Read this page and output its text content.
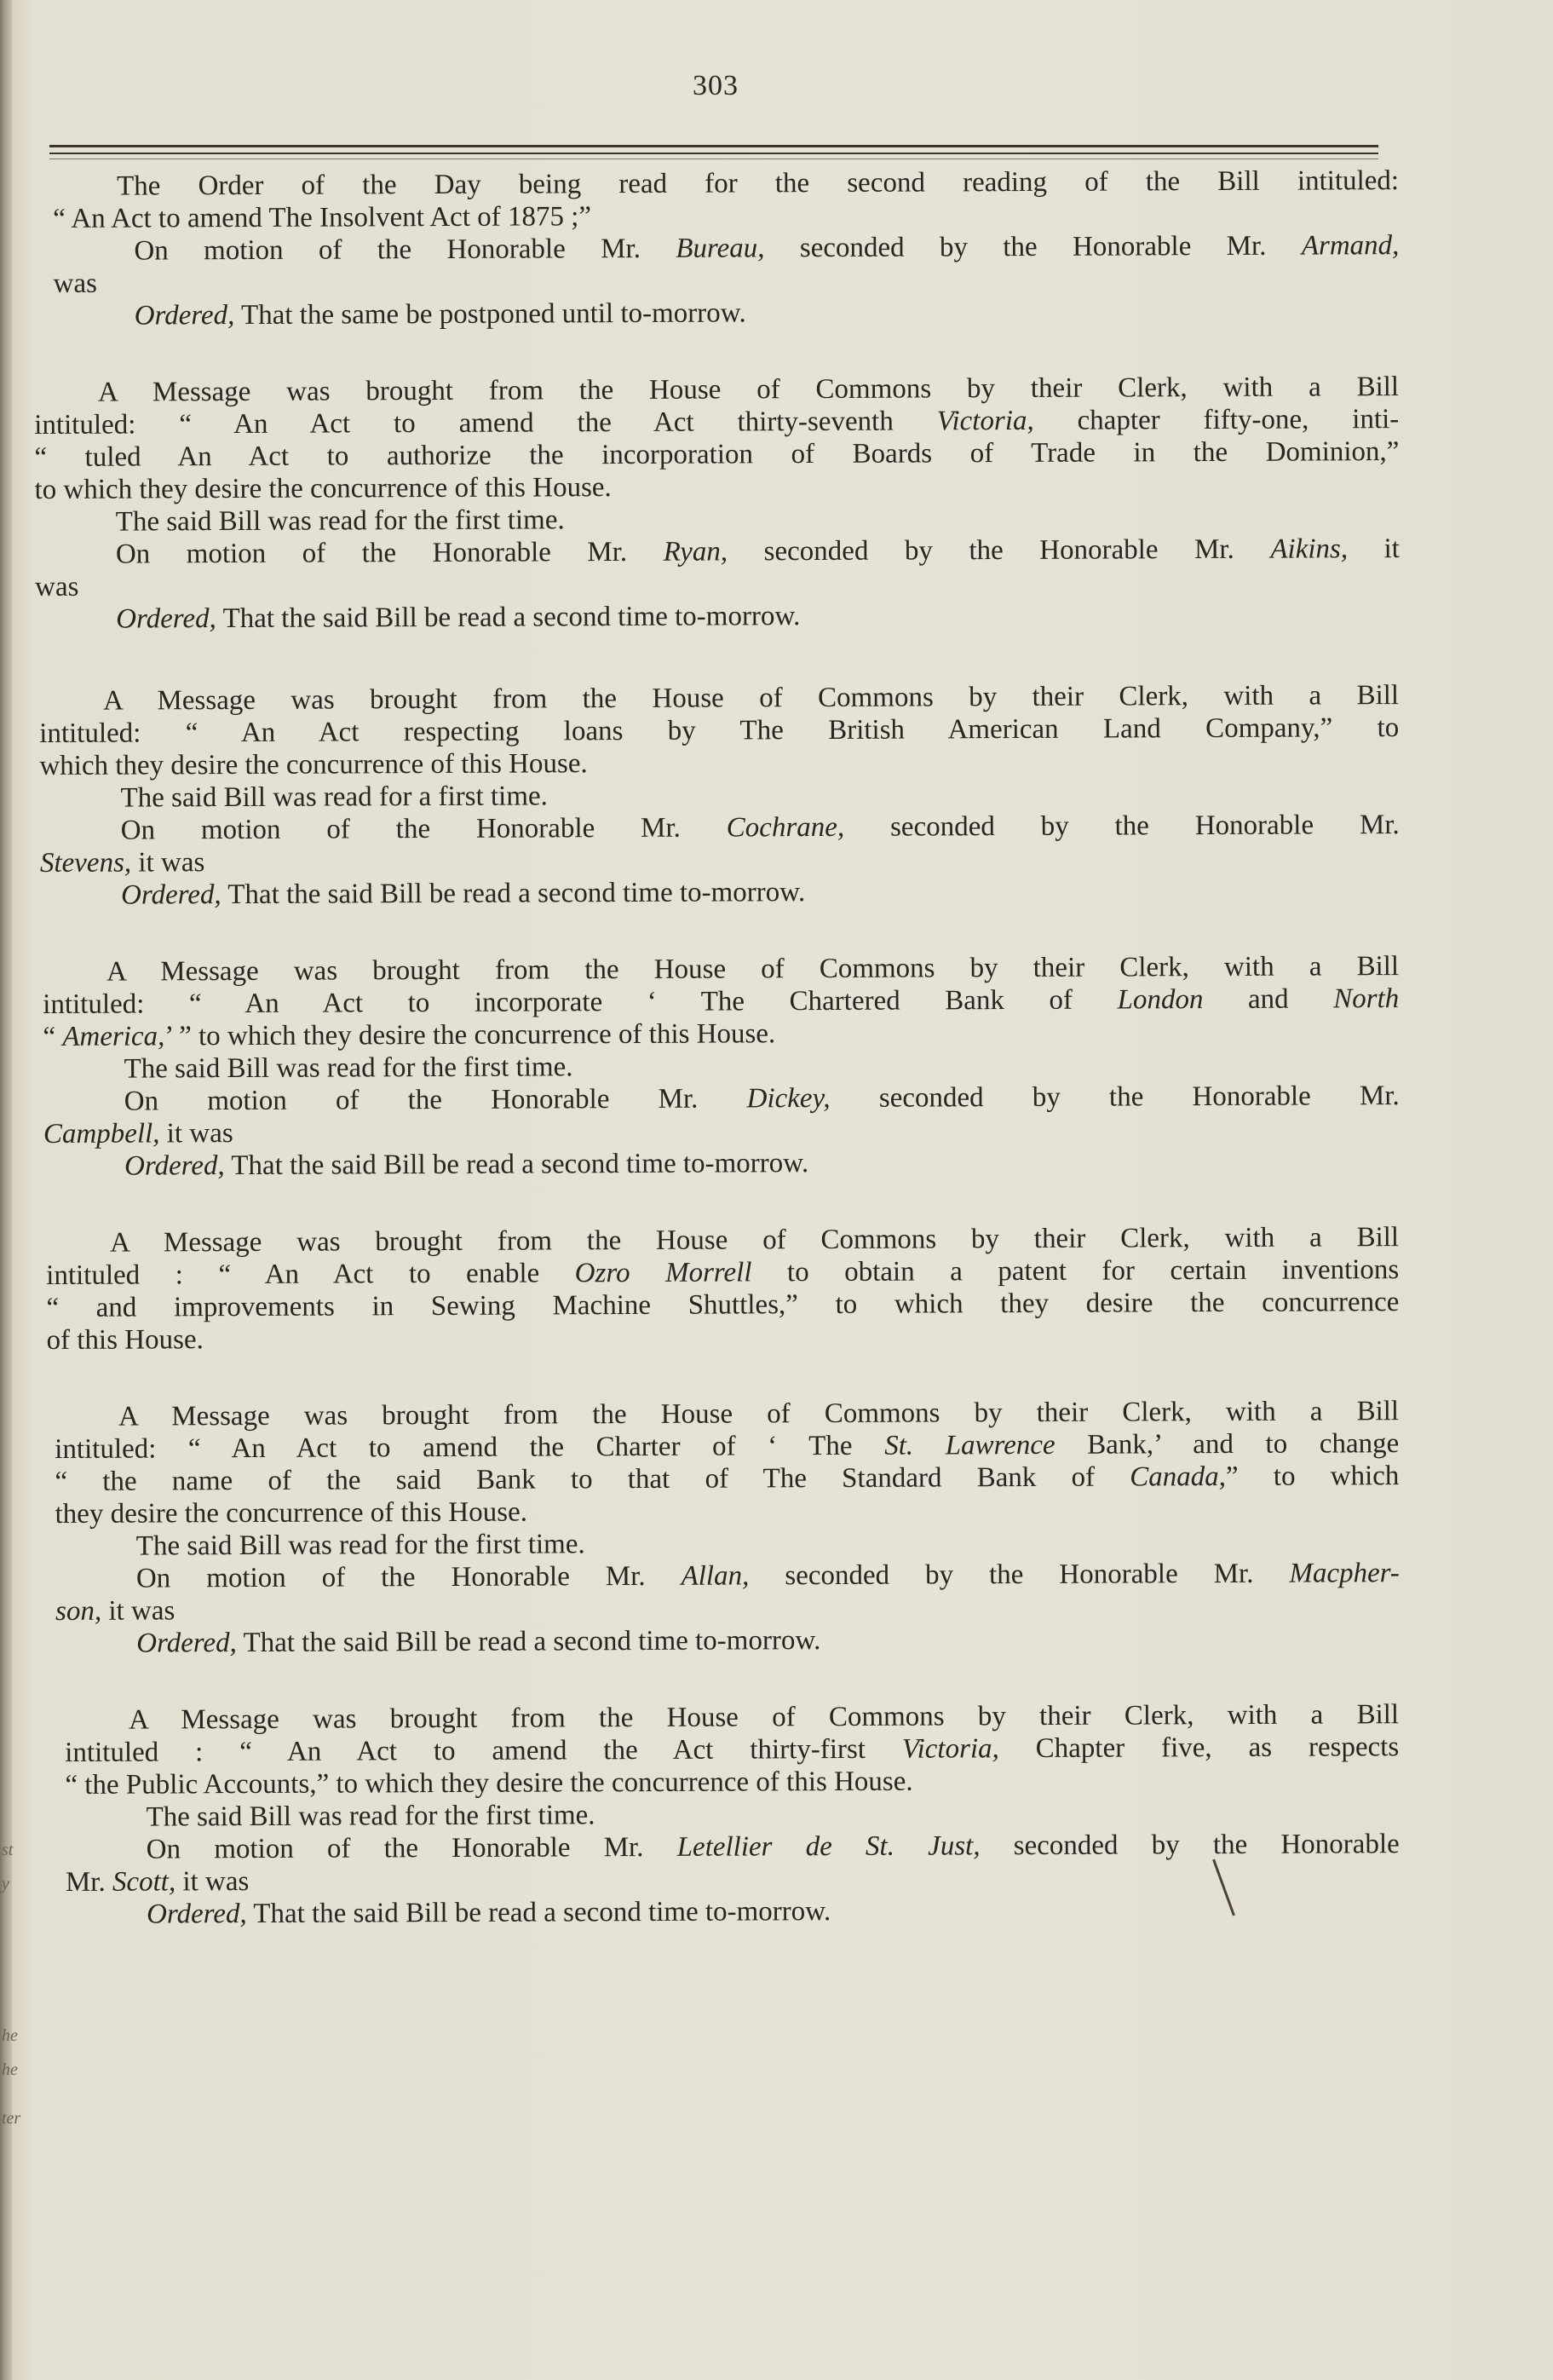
303
The Order of the Day being read for the second reading of the Bill intituled:
“ An Act to amend The Insolvent Act of 1875 ;”
On motion of the Honorable Mr. Bureau, seconded by the Honorable Mr. Armand,
was
Ordered, That the same be postponed until to-morrow.
A Message was brought from the House of Commons by their Clerk, with a Bill
intituled: “ An Act to amend the Act thirty-seventh Victoria, chapter fifty-one, inti-
“ tuled An Act to authorize the incorporation of Boards of Trade in the Dominion,”
to which they desire the concurrence of this House.
The said Bill was read for the first time.
On motion of the Honorable Mr. Ryan, seconded by the Honorable Mr. Aikins, it
was
Ordered, That the said Bill be read a second time to-morrow.
A Message was brought from the House of Commons by their Clerk, with a Bill
intituled: “ An Act respecting loans by The British American Land Company,” to
which they desire the concurrence of this House.
The said Bill was read for a first time.
On motion of the Honorable Mr. Cochrane, seconded by the Honorable Mr.
Stevens, it was
Ordered, That the said Bill be read a second time to-morrow.
A Message was brought from the House of Commons by their Clerk, with a Bill
intituled: “ An Act to incorporate ‘ The Chartered Bank of London and North
“ America,’ ” to which they desire the concurrence of this House.
The said Bill was read for the first time.
On motion of the Honorable Mr. Dickey, seconded by the Honorable Mr.
Campbell, it was
Ordered, That the said Bill be read a second time to-morrow.
A Message was brought from the House of Commons by their Clerk, with a Bill
intituled : “ An Act to enable Ozro Morrell to obtain a patent for certain inventions
“ and improvements in Sewing Machine Shuttles,” to which they desire the concurrence
of this House.
A Message was brought from the House of Commons by their Clerk, with a Bill
intituled: “ An Act to amend the Charter of ‘ The St. Lawrence Bank,’ and to change
“ the name of the said Bank to that of The Standard Bank of Canada,” to which
they desire the concurrence of this House.
The said Bill was read for the first time.
On motion of the Honorable Mr. Allan, seconded by the Honorable Mr. Macpher-
son, it was
Ordered, That the said Bill be read a second time to-morrow.
A Message was brought from the House of Commons by their Clerk, with a Bill
intituled : “ An Act to amend the Act thirty-first Victoria, Chapter five, as respects
“ the Public Accounts,” to which they desire the concurrence of this House.
The said Bill was read for the first time.
On motion of the Honorable Mr. Letellier de St. Just, seconded by the Honorable
Mr. Scott, it was
Ordered, That the said Bill be read a second time to-morrow.
st
y
he
he
ter
